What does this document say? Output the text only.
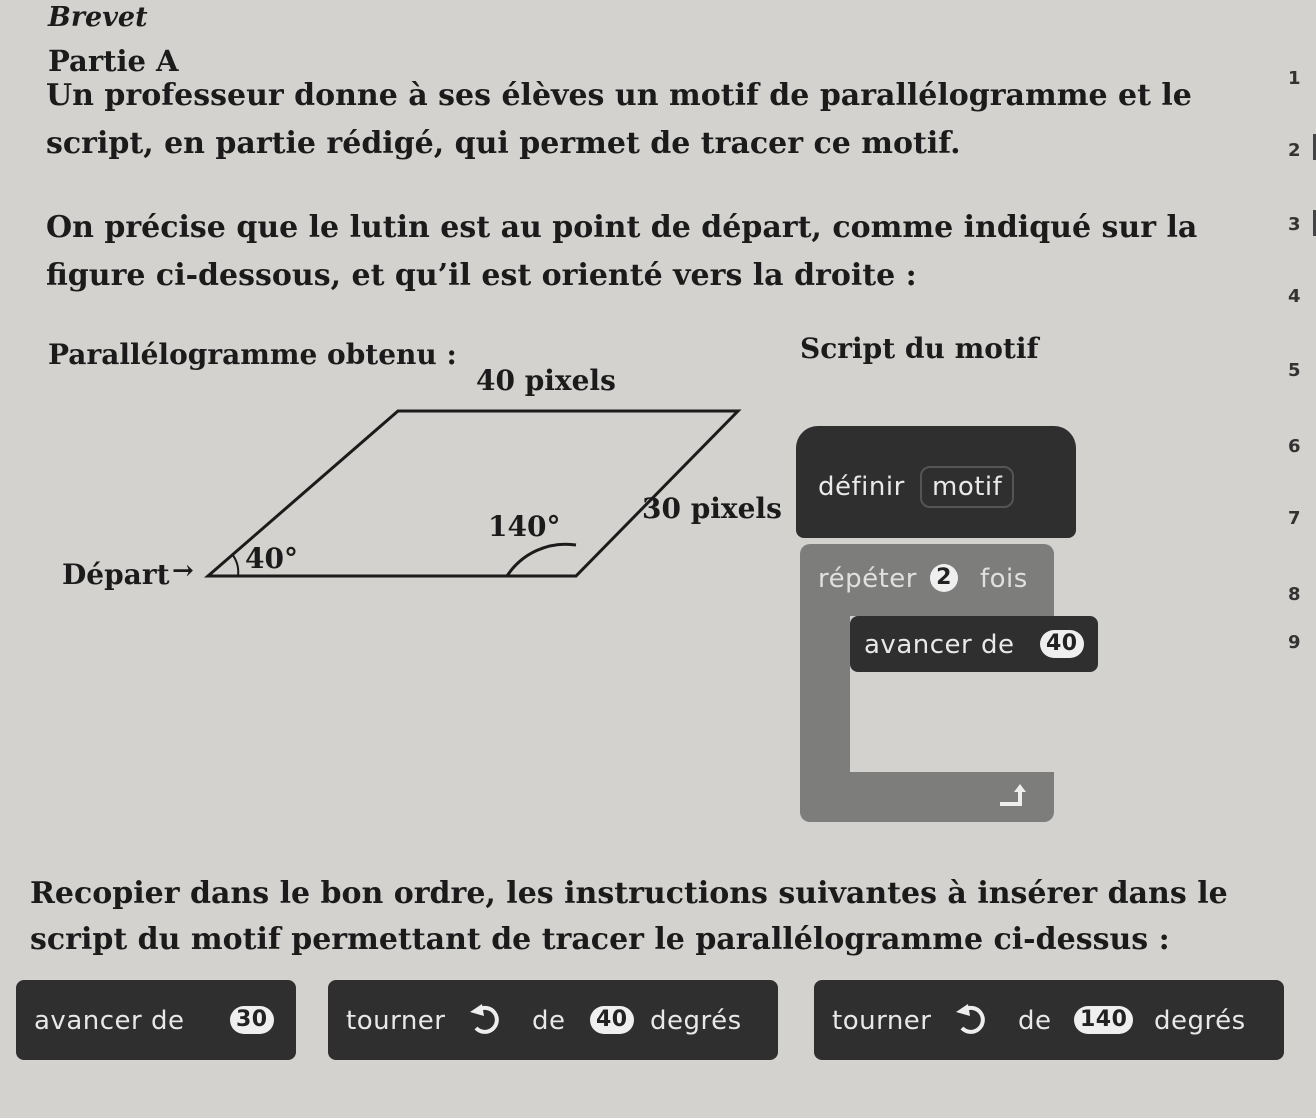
Brevet
Partie A
Un professeur donne à ses élèves un motif de parallélogramme et le
script, en partie rédigé, qui permet de tracer ce motif.
On précise que le lutin est au point de départ, comme indiqué sur la
figure ci-dessous, et qu’il est orienté vers la droite :
1
2
3
4
5
6
7
8
9
Parallélogramme obtenu :
40 pixels
30 pixels
140°
40°
Départ →
Script du motif
définir	motif
répéter 2 fois
avancer de 40
Recopier dans le bon ordre, les instructions suivantes à insérer dans le
script du motif permettant de tracer le parallélogramme ci-dessus :
avancer de 30	tourner	de 40 degrés	tourner	de 140 degrés
